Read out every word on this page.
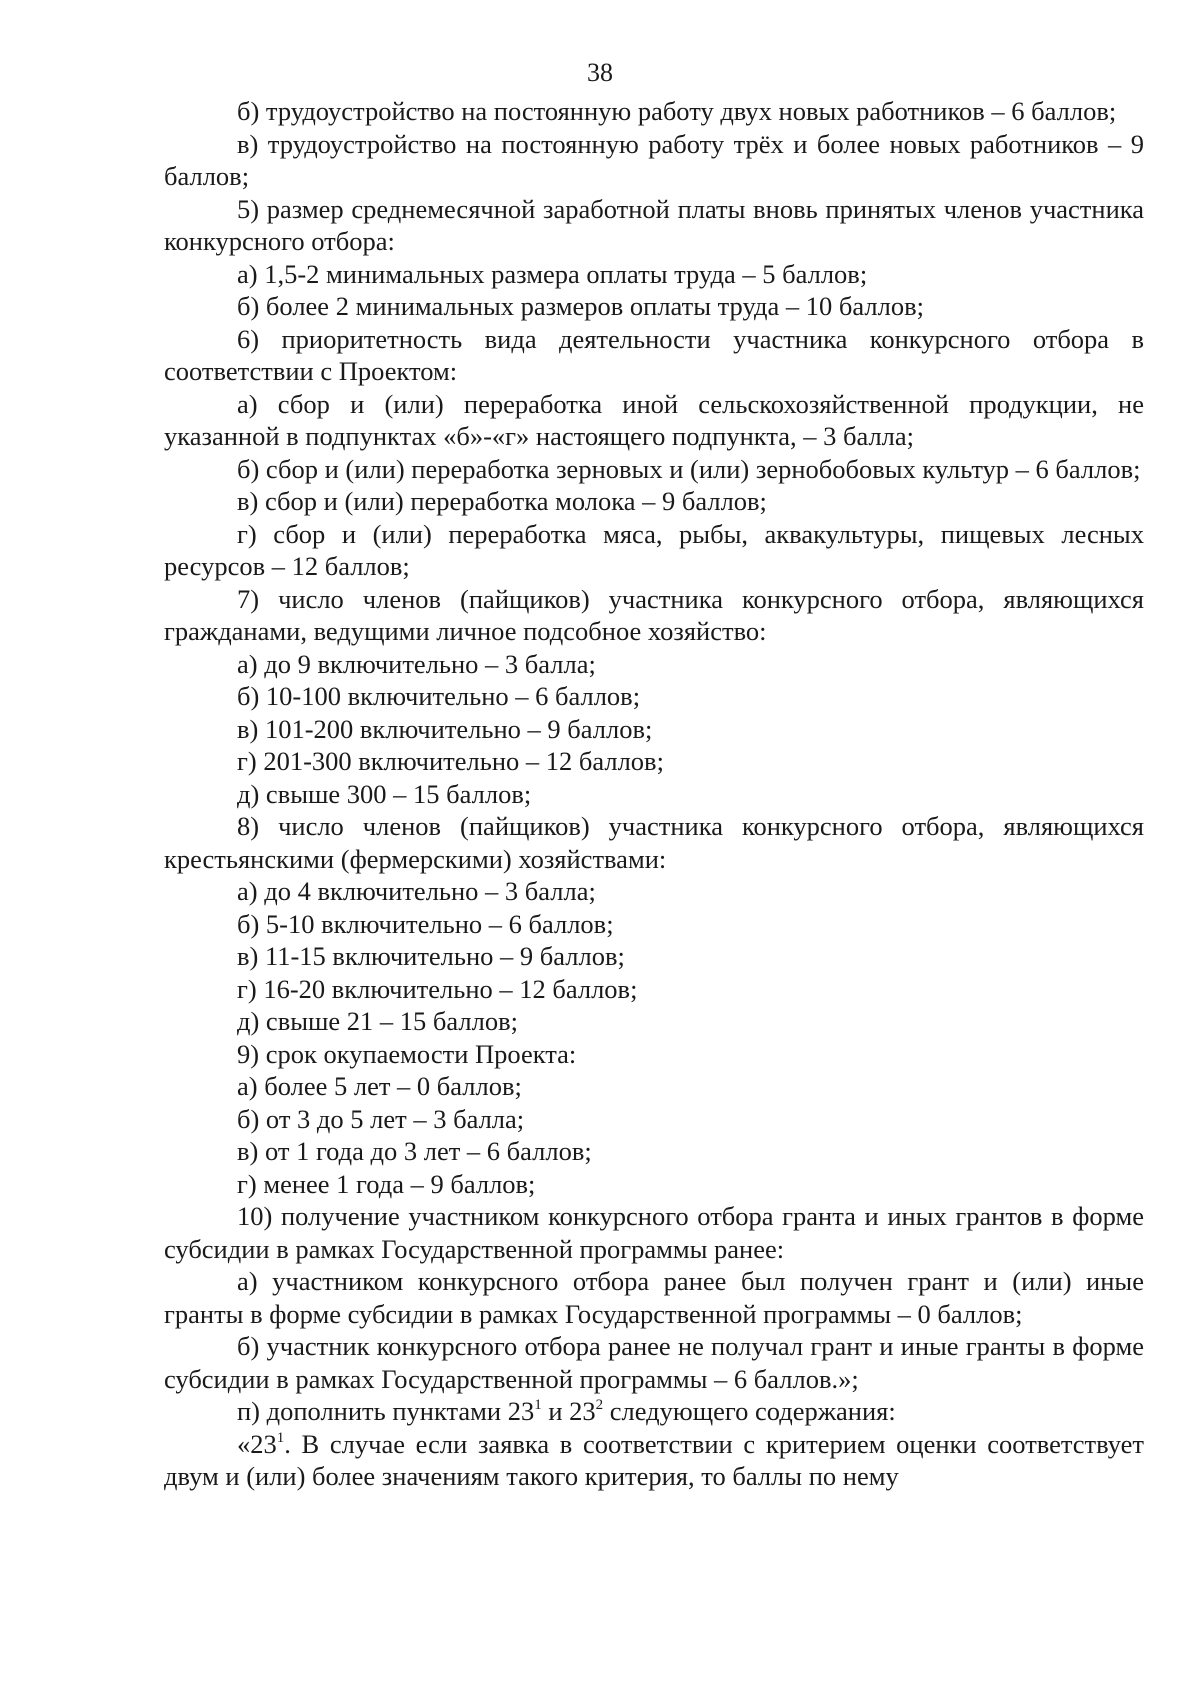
38

б) трудоустройство на постоянную работу двух новых работников – 6 баллов;

в) трудоустройство на постоянную работу трёх и более новых работников – 9 баллов;

5) размер среднемесячной заработной платы вновь принятых членов участника конкурсного отбора:

а) 1,5-2 минимальных размера оплаты труда – 5 баллов;

б) более 2 минимальных размеров оплаты труда – 10 баллов;

6) приоритетность вида деятельности участника конкурсного отбора в соответствии с Проектом:

а) сбор и (или) переработка иной сельскохозяйственной продукции, не указанной в подпунктах «б»-«г» настоящего подпункта, – 3 балла;

б) сбор и (или) переработка зерновых и (или) зернобобовых культур – 6 баллов;

в) сбор и (или) переработка молока – 9 баллов;

г) сбор и (или) переработка мяса, рыбы, аквакультуры, пищевых лесных ресурсов – 12 баллов;

7) число членов (пайщиков) участника конкурсного отбора, являющихся гражданами, ведущими личное подсобное хозяйство:

а) до 9 включительно – 3 балла;

б) 10-100 включительно – 6 баллов;

в) 101-200 включительно – 9 баллов;

г) 201-300 включительно – 12 баллов;

д) свыше 300 – 15 баллов;

8) число членов (пайщиков) участника конкурсного отбора, являющихся крестьянскими (фермерскими) хозяйствами:

а) до 4 включительно – 3 балла;

б) 5-10 включительно – 6 баллов;

в) 11-15 включительно – 9 баллов;

г) 16-20 включительно – 12 баллов;

д) свыше 21 – 15 баллов;

9) срок окупаемости Проекта:

а) более 5 лет – 0 баллов;

б) от 3 до 5 лет – 3 балла;

в) от 1 года до 3 лет – 6 баллов;

г) менее 1 года – 9 баллов;

10) получение участником конкурсного отбора гранта и иных грантов в форме субсидии в рамках Государственной программы ранее:

а) участником конкурсного отбора ранее был получен грант и (или) иные гранты в форме субсидии в рамках Государственной программы – 0 баллов;

б) участник конкурсного отбора ранее не получал грант и иные гранты в форме субсидии в рамках Государственной программы – 6 баллов.»;

п) дополнить пунктами $23^1$ и $23^2$ следующего содержания:

«$23^1$. В случае если заявка в соответствии с критерием оценки соответствует двум и (или) более значениям такого критерия, то баллы по нему
